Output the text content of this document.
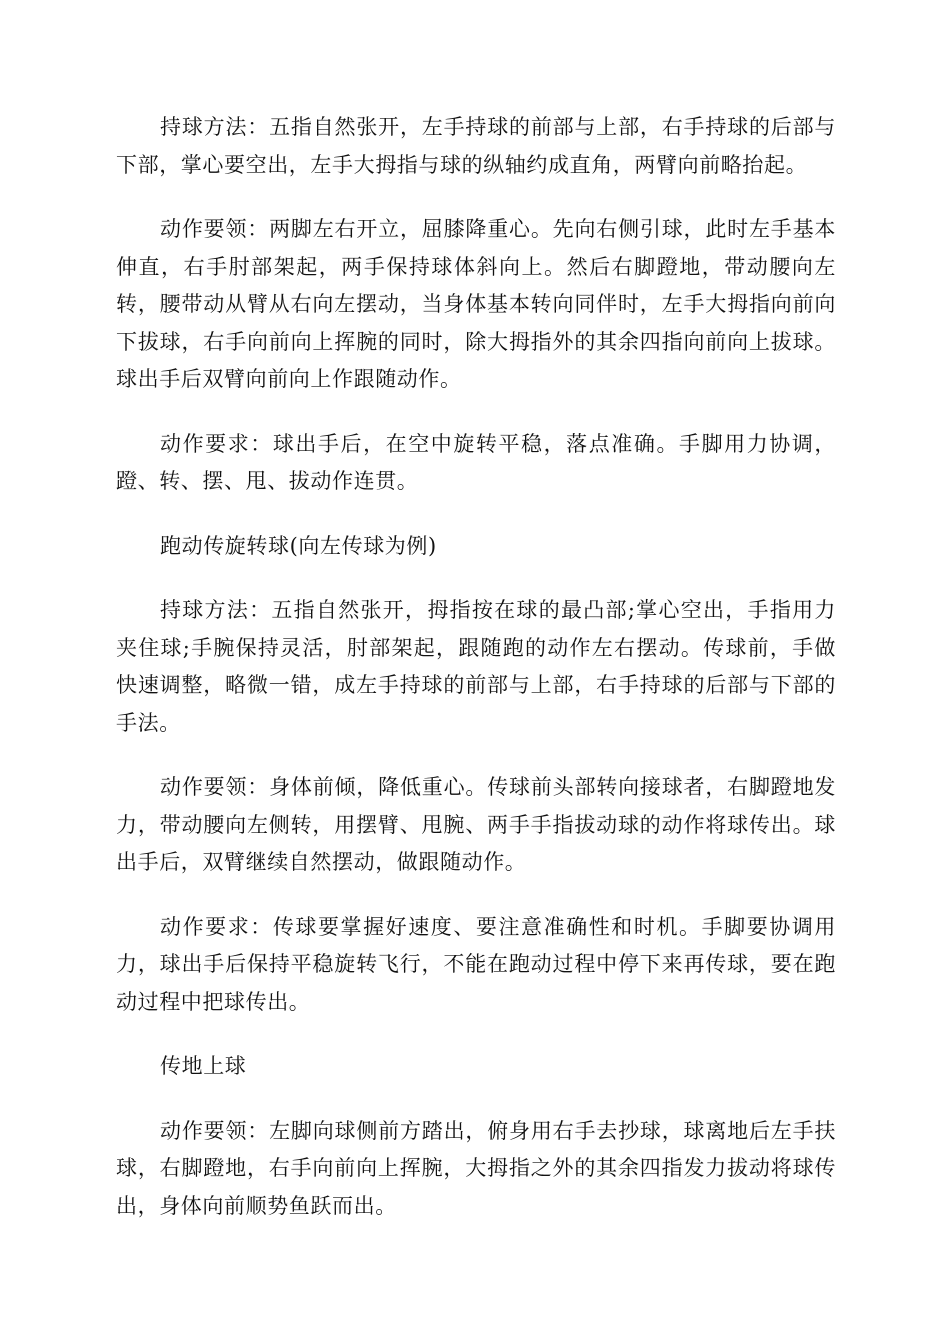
持球方法：五指自然张开，左手持球的前部与上部，右手持球的后部与下部，掌心要空出，左手大拇指与球的纵轴约成直角，两臂向前略抬起。

动作要领：两脚左右开立，屈膝降重心。先向右侧引球，此时左手基本伸直，右手肘部架起，两手保持球体斜向上。然后右脚蹬地，带动腰向左转，腰带动从臂从右向左摆动，当身体基本转向同伴时，左手大拇指向前向下拔球，右手向前向上挥腕的同时，除大拇指外的其余四指向前向上拔球。球出手后双臂向前向上作跟随动作。

动作要求：球出手后，在空中旋转平稳，落点准确。手脚用力协调，蹬、转、摆、甩、拔动作连贯。

跑动传旋转球(向左传球为例)

持球方法：五指自然张开，拇指按在球的最凸部;掌心空出，手指用力夹住球;手腕保持灵活，肘部架起，跟随跑的动作左右摆动。传球前，手做快速调整，略微一错，成左手持球的前部与上部，右手持球的后部与下部的手法。

动作要领：身体前倾，降低重心。传球前头部转向接球者，右脚蹬地发力，带动腰向左侧转，用摆臂、甩腕、两手手指拔动球的动作将球传出。球出手后，双臂继续自然摆动，做跟随动作。

动作要求：传球要掌握好速度、要注意准确性和时机。手脚要协调用力，球出手后保持平稳旋转飞行，不能在跑动过程中停下来再传球，要在跑动过程中把球传出。

传地上球

动作要领：左脚向球侧前方踏出，俯身用右手去抄球，球离地后左手扶球，右脚蹬地，右手向前向上挥腕，大拇指之外的其余四指发力拔动将球传出，身体向前顺势鱼跃而出。
